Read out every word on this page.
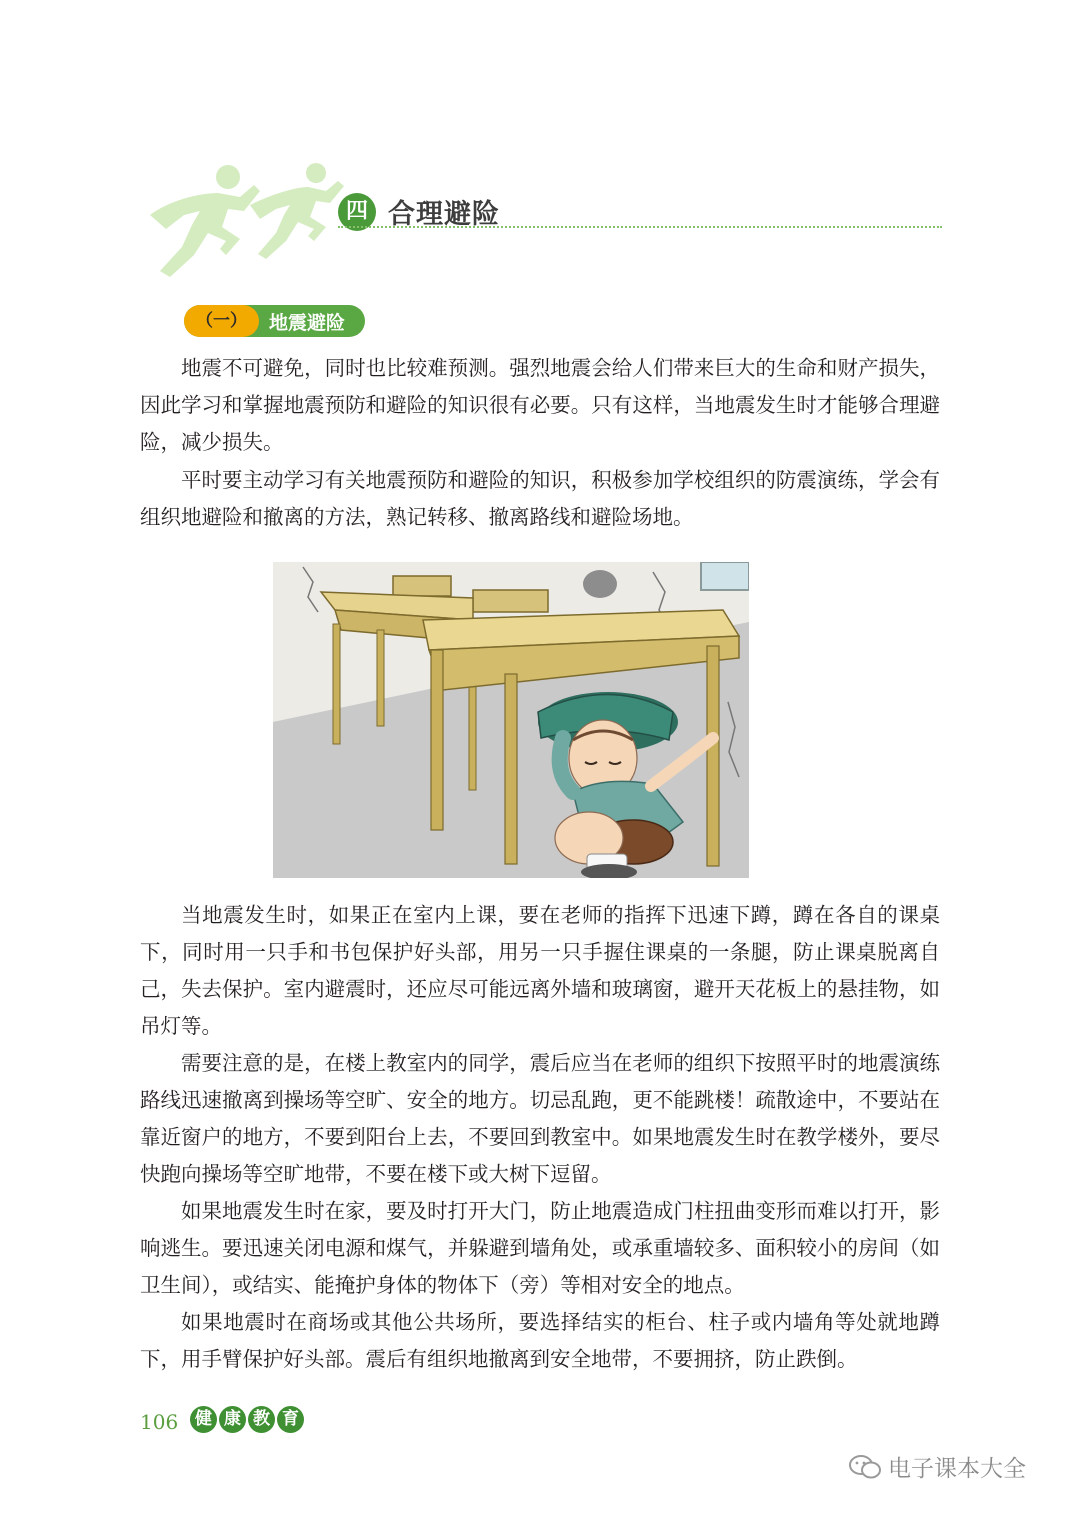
四 合理避险
（一）	地震避险

地震不可避免，同时也比较难预测。强烈地震会给人们带来巨大的生命和财产损失，因此学习和掌握地震预防和避险的知识很有必要。只有这样，当地震发生时才能够合理避险，减少损失。

平时要主动学习有关地震预防和避险的知识，积极参加学校组织的防震演练，学会有组织地避险和撤离的方法，熟记转移、撤离路线和避险场地。

当地震发生时，如果正在室内上课，要在老师的指挥下迅速下蹲，蹲在各自的课桌下，同时用一只手和书包保护好头部，用另一只手握住课桌的一条腿，防止课桌脱离自己，失去保护。室内避震时，还应尽可能远离外墙和玻璃窗，避开天花板上的悬挂物，如吊灯等。

需要注意的是，在楼上教室内的同学，震后应当在老师的组织下按照平时的地震演练路线迅速撤离到操场等空旷、安全的地方。切忌乱跑，更不能跳楼！疏散途中，不要站在靠近窗户的地方，不要到阳台上去，不要回到教室中。如果地震发生时在教学楼外，要尽快跑向操场等空旷地带，不要在楼下或大树下逗留。

如果地震发生时在家，要及时打开大门，防止地震造成门柱扭曲变形而难以打开，影响逃生。要迅速关闭电源和煤气，并躲避到墙角处，或承重墙较多、面积较小的房间（如卫生间），或结实、能掩护身体的物体下（旁）等相对安全的地点。

如果地震时在商场或其他公共场所，要选择结实的柜台、柱子或内墙角等处就地蹲下，用手臂保护好头部。震后有组织地撤离到安全地带，不要拥挤，防止跌倒。

106 健 康 教 育
电子课本大全
